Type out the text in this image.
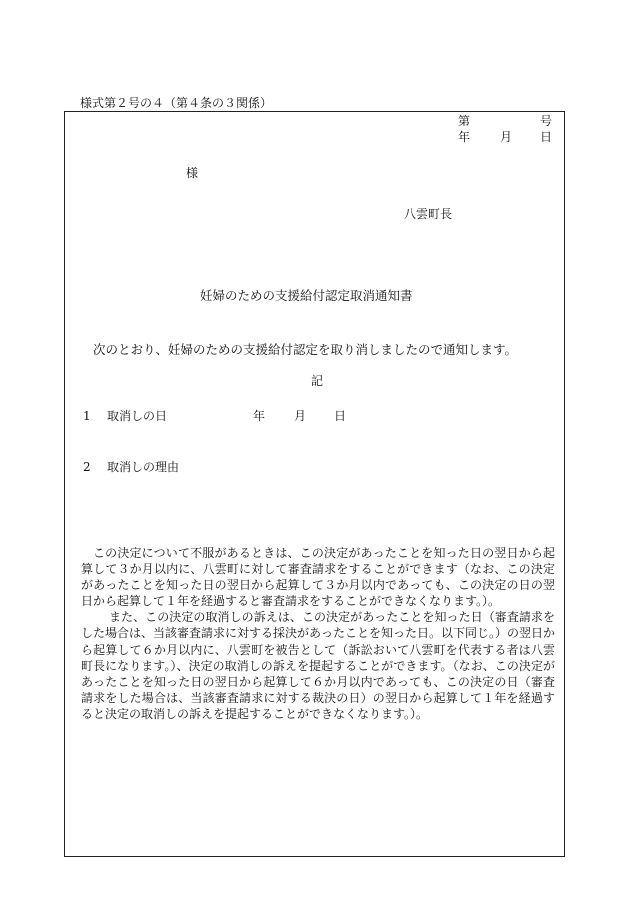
様式第２号の４（第４条の３関係）
第	号
年 月 日
様
八雲町長
妊婦のための支援給付認定取消通知書
次のとおり、妊婦のための支援給付認定を取り消しましたので通知します。
記
1 取消しの日	年 月 日
2 取消しの理由

この決定について不服があるときは、この決定があったことを知った日の翌日から起算して３か月以内に、八雲町に対して審査請求をすることができます（なお、この決定があったことを知った日の翌日から起算して３か月以内であっても、この決定の日の翌日から起算して１年を経過すると審査請求をすることができなくなります。）。

また、この決定の取消しの訴えは、この決定があったことを知った日（審査請求をした場合は、当該審査請求に対する採決があったことを知った日。以下同じ。）の翌日から起算して６か月以内に、八雲町を被告として（訴訟おいて八雲町を代表する者は八雲町長になります。）、決定の取消しの訴えを提起することができます。（なお、この決定があったことを知った日の翌日から起算して６か月以内であっても、この決定の日（審査請求をした場合は、当該審査請求に対する裁決の日）の翌日から起算して１年を経過すると決定の取消しの訴えを提起することができなくなります。）。
